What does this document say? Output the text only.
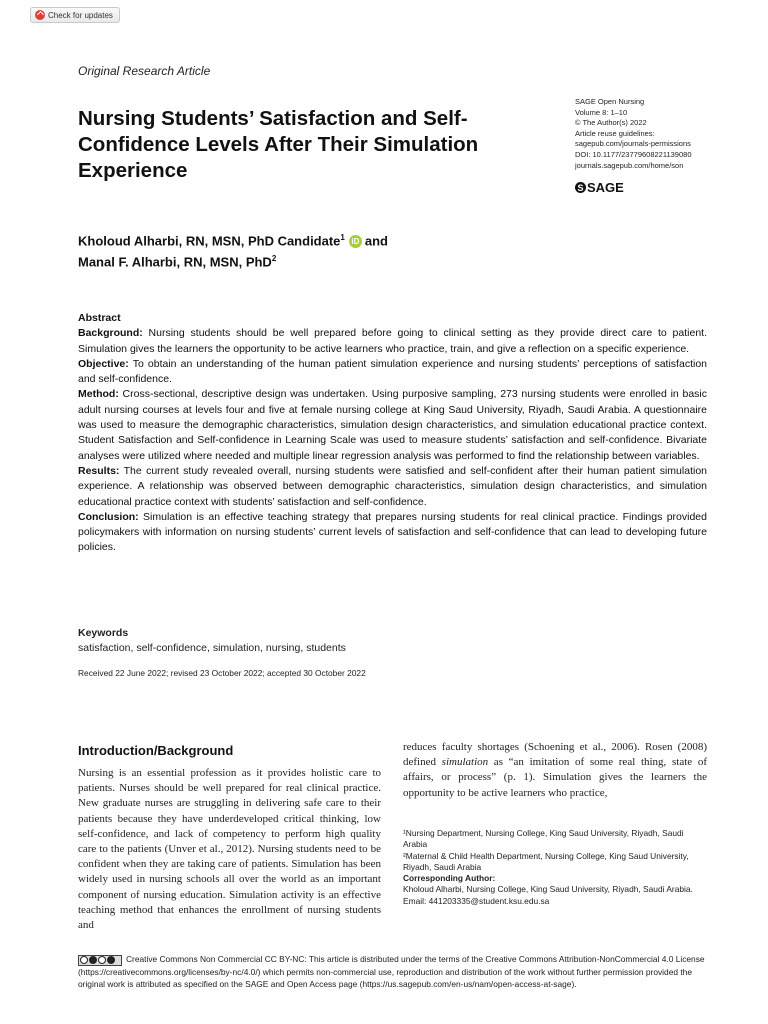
Check for updates
Original Research Article
Nursing Students’ Satisfaction and Self-Confidence Levels After Their Simulation Experience
SAGE Open Nursing
Volume 8: 1–10
© The Author(s) 2022
Article reuse guidelines:
sagepub.com/journals-permissions
DOI: 10.1177/23779608221139080
journals.sagepub.com/home/son
S SAGE
Kholoud Alharbi, RN, MSN, PhD Candidate$^1$ iD and
Manal F. Alharbi, RN, MSN, PhD$^2$
Abstract

Background: Nursing students should be well prepared before going to clinical setting as they provide direct care to patient. Simulation gives the learners the opportunity to be active learners who practice, train, and give a reflection on a specific experience.

Objective: To obtain an understanding of the human patient simulation experience and nursing students’ perceptions of satisfaction and self-confidence.

Method: Cross-sectional, descriptive design was undertaken. Using purposive sampling, 273 nursing students were enrolled in basic adult nursing courses at levels four and five at female nursing college at King Saud University, Riyadh, Saudi Arabia. A questionnaire was used to measure the demographic characteristics, simulation design characteristics, and simulation educational practice context. Student Satisfaction and Self-confidence in Learning Scale was used to measure students’ satisfaction and self-confidence. Bivariate analyses were utilized where needed and multiple linear regression analysis was performed to find the relationship between variables.

Results: The current study revealed overall, nursing students were satisfied and self-confident after their human patient simulation experience. A relationship was observed between demographic characteristics, simulation design characteristics, and simulation educational practice context with students’ satisfaction and self-confidence.

Conclusion: Simulation is an effective teaching strategy that prepares nursing students for real clinical practice. Findings provided policymakers with information on nursing students’ current levels of satisfaction and self-confidence that can lead to developing future policies.

Keywords
satisfaction, self-confidence, simulation, nursing, students
Received 22 June 2022; revised 23 October 2022; accepted 30 October 2022
Introduction/Background

Nursing is an essential profession as it provides holistic care to patients. Nurses should be well prepared for real clinical practice. New graduate nurses are struggling in delivering safe care to their patients because they have underdeveloped critical thinking, low self-confidence, and lack of competency to perform high quality care to the patients (Unver et al., 2012). Nursing students need to be confident when they are taking care of patients. Simulation has been widely used in nursing schools all over the world as an important component of nursing education. Simulation activity is an effective teaching method that enhances the enrollment of nursing students and

reduces faculty shortages (Schoening et al., 2006). Rosen (2008) defined simulation as “an imitation of some real thing, state of affairs, or process” (p. 1). Simulation gives the learners the opportunity to be active learners who practice,

¹Nursing Department, Nursing College, King Saud University, Riyadh, Saudi Arabia
²Maternal & Child Health Department, Nursing College, King Saud University, Riyadh, Saudi Arabia
Corresponding Author:
Kholoud Alharbi, Nursing College, King Saud University, Riyadh, Saudi Arabia.
Email: 441203335@student.ksu.edu.sa
Creative Commons Non Commercial CC BY-NC: This article is distributed under the terms of the Creative Commons Attribution-NonCommercial 4.0 License (https://creativecommons.org/licenses/by-nc/4.0/) which permits non-commercial use, reproduction and distribution of the work without further permission provided the original work is attributed as specified on the SAGE and Open Access page (https://us.sagepub.com/en-us/nam/open-access-at-sage).
